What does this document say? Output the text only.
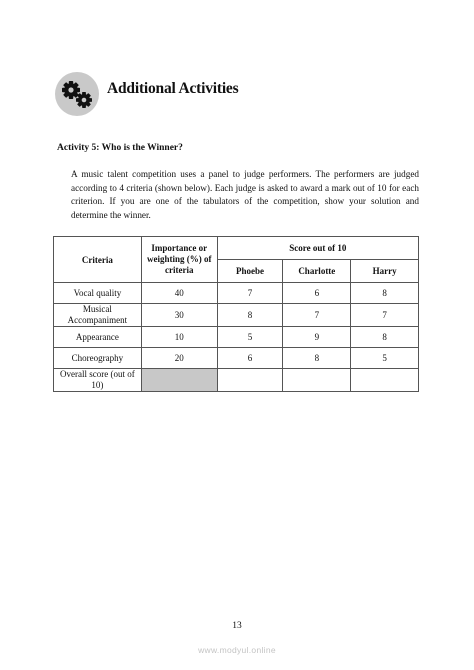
Additional Activities
Activity 5: Who is the Winner?
A music talent competition uses a panel to judge performers. The performers are judged according to 4 criteria (shown below). Each judge is asked to award a mark out of 10 for each criterion. If you are one of the tabulators of the competition, show your solution and determine the winner.
Criteria	Importance or weighting (%) of criteria	Score out of 10		
		Phoebe	Charlotte	Harry
Vocal quality	40	7	6	8
Musical Accompaniment	30	8	7	7
Appearance	10	5	9	8
Choreography	20	6	8	5
Overall score (out of 10)				
13
www.modyul.online
